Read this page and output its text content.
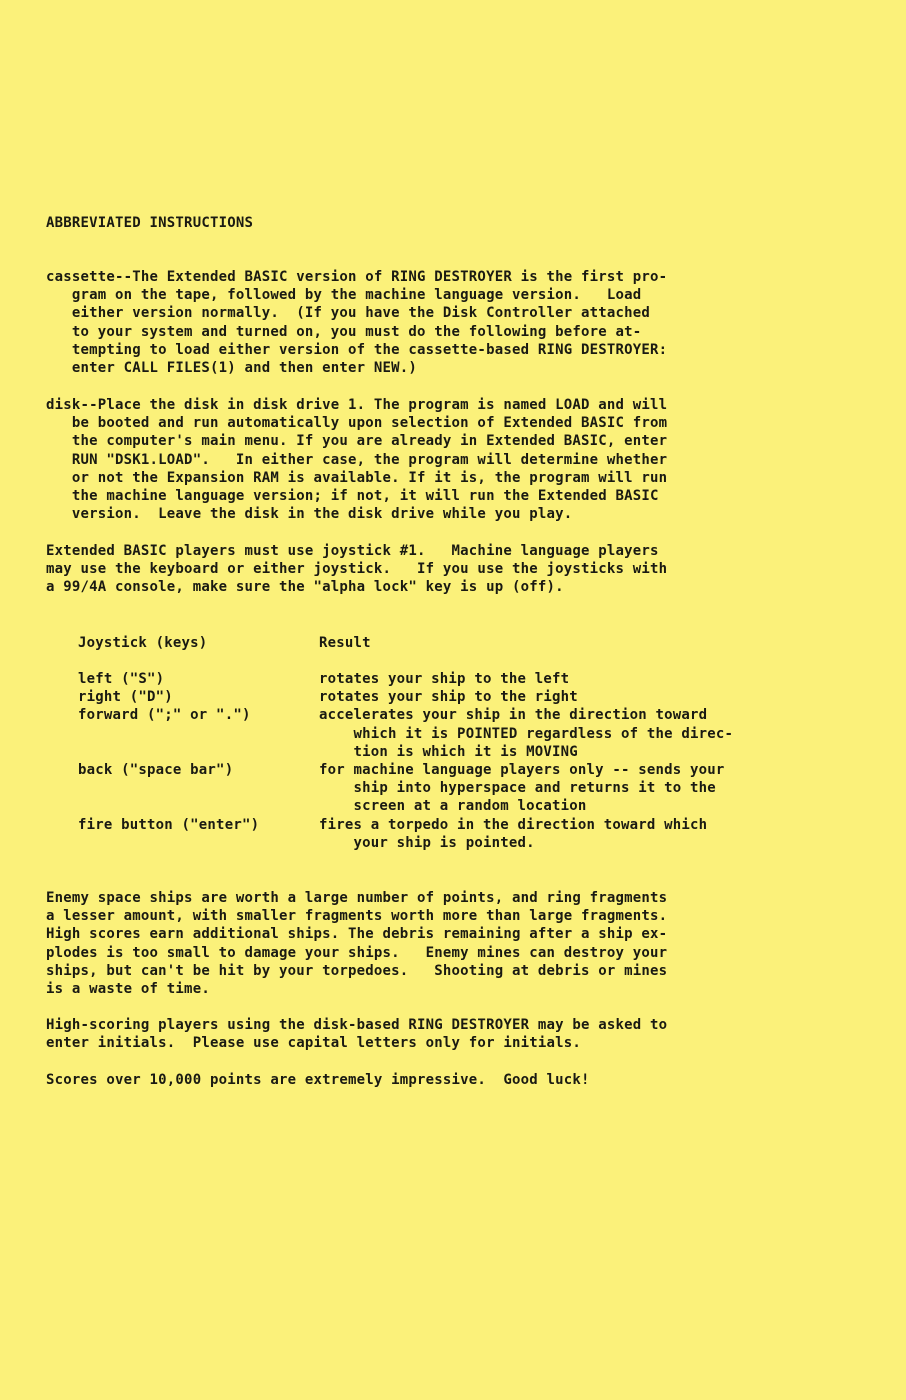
ABBREVIATED INSTRUCTIONS

cassette--The Extended BASIC version of RING DESTROYER is the first pro-
gram on the tape, followed by the machine language version.   Load
either version normally.  (If you have the Disk Controller attached
to your system and turned on, you must do the following before at-
tempting to load either version of the cassette-based RING DESTROYER:
enter CALL FILES(1) and then enter NEW.)

disk--Place the disk in disk drive 1. The program is named LOAD and will
be booted and run automatically upon selection of Extended BASIC from
the computer's main menu. If you are already in Extended BASIC, enter
RUN "DSK1.LOAD".   In either case, the program will determine whether
or not the Expansion RAM is available. If it is, the program will run
the machine language version; if not, it will run the Extended BASIC
version.  Leave the disk in the disk drive while you play.

Extended BASIC players must use joystick #1.   Machine language players
may use the keyboard or either joystick.   If you use the joysticks with
a 99/4A console, make sure the "alpha lock" key is up (off).

Joystick (keys)	Result
left ("S")	rotates your ship to the left
right ("D")	rotates your ship to the right
forward (";" or ".")	accelerates your ship in the direction toward
which it is POINTED regardless of the direc-
tion is which it is MOVING
back ("space bar")	for machine language players only -- sends your
ship into hyperspace and returns it to the
screen at a random location
fire button ("enter")	fires a torpedo in the direction toward which
your ship is pointed.

Enemy space ships are worth a large number of points, and ring fragments
a lesser amount, with smaller fragments worth more than large fragments.
High scores earn additional ships. The debris remaining after a ship ex-
plodes is too small to damage your ships.   Enemy mines can destroy your
ships, but can't be hit by your torpedoes.   Shooting at debris or mines
is a waste of time.

High-scoring players using the disk-based RING DESTROYER may be asked to
enter initials.  Please use capital letters only for initials.

Scores over 10,000 points are extremely impressive.  Good luck!
